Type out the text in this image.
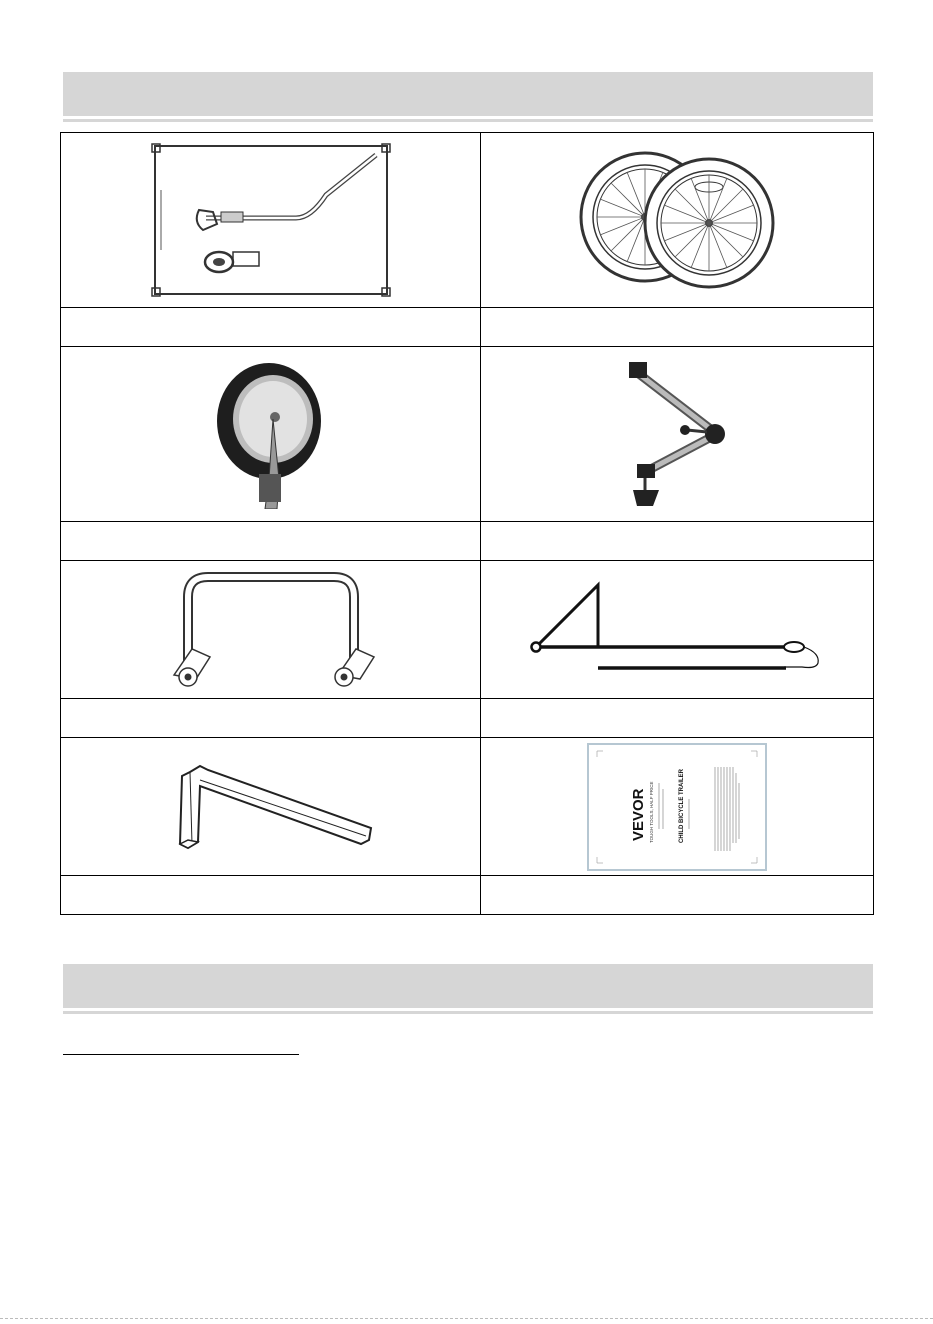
VEVOR TOUGH TOOLS, HALF PRICE CHILD BICYCLE TRAILER
